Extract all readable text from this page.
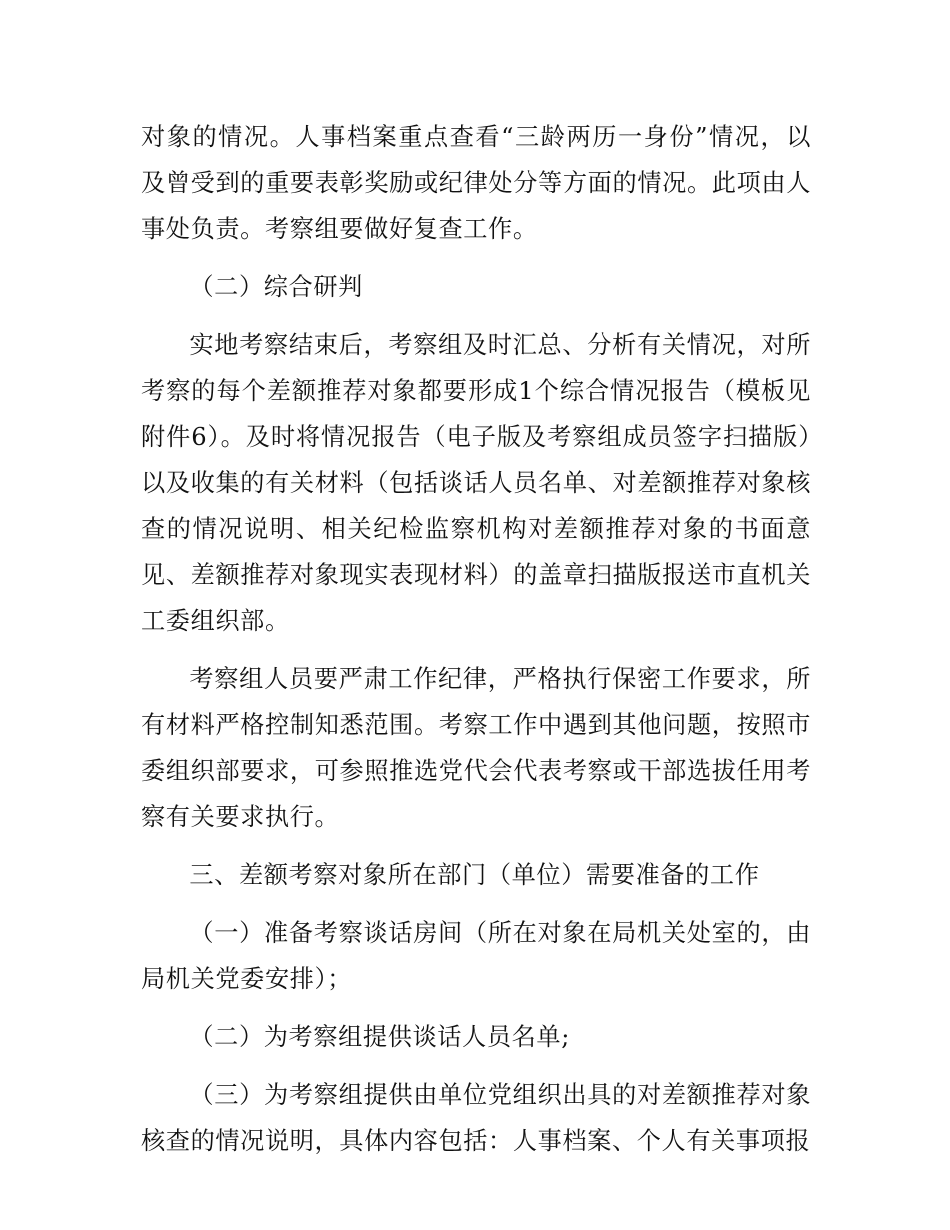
对象的情况。人事档案重点查看“三龄两历一身份”情况，以及曾受到的重要表彰奖励或纪律处分等方面的情况。此项由人事处负责。考察组要做好复查工作。

（二）综合研判

实地考察结束后，考察组及时汇总、分析有关情况，对所考察的每个差额推荐对象都要形成1个综合情况报告（模板见附件6）。及时将情况报告（电子版及考察组成员签字扫描版）以及收集的有关材料（包括谈话人员名单、对差额推荐对象核查的情况说明、相关纪检监察机构对差额推荐对象的书面意见、差额推荐对象现实表现材料）的盖章扫描版报送市直机关工委组织部。

考察组人员要严肃工作纪律，严格执行保密工作要求，所有材料严格控制知悉范围。考察工作中遇到其他问题，按照市委组织部要求，可参照推选党代会代表考察或干部选拔任用考察有关要求执行。

三、差额考察对象所在部门（单位）需要准备的工作

（一）准备考察谈话房间（所在对象在局机关处室的，由局机关党委安排）；

（二）为考察组提供谈话人员名单;

（三）为考察组提供由单位党组织出具的对差额推荐对象核查的情况说明，具体内容包括：人事档案、个人有关事项报
